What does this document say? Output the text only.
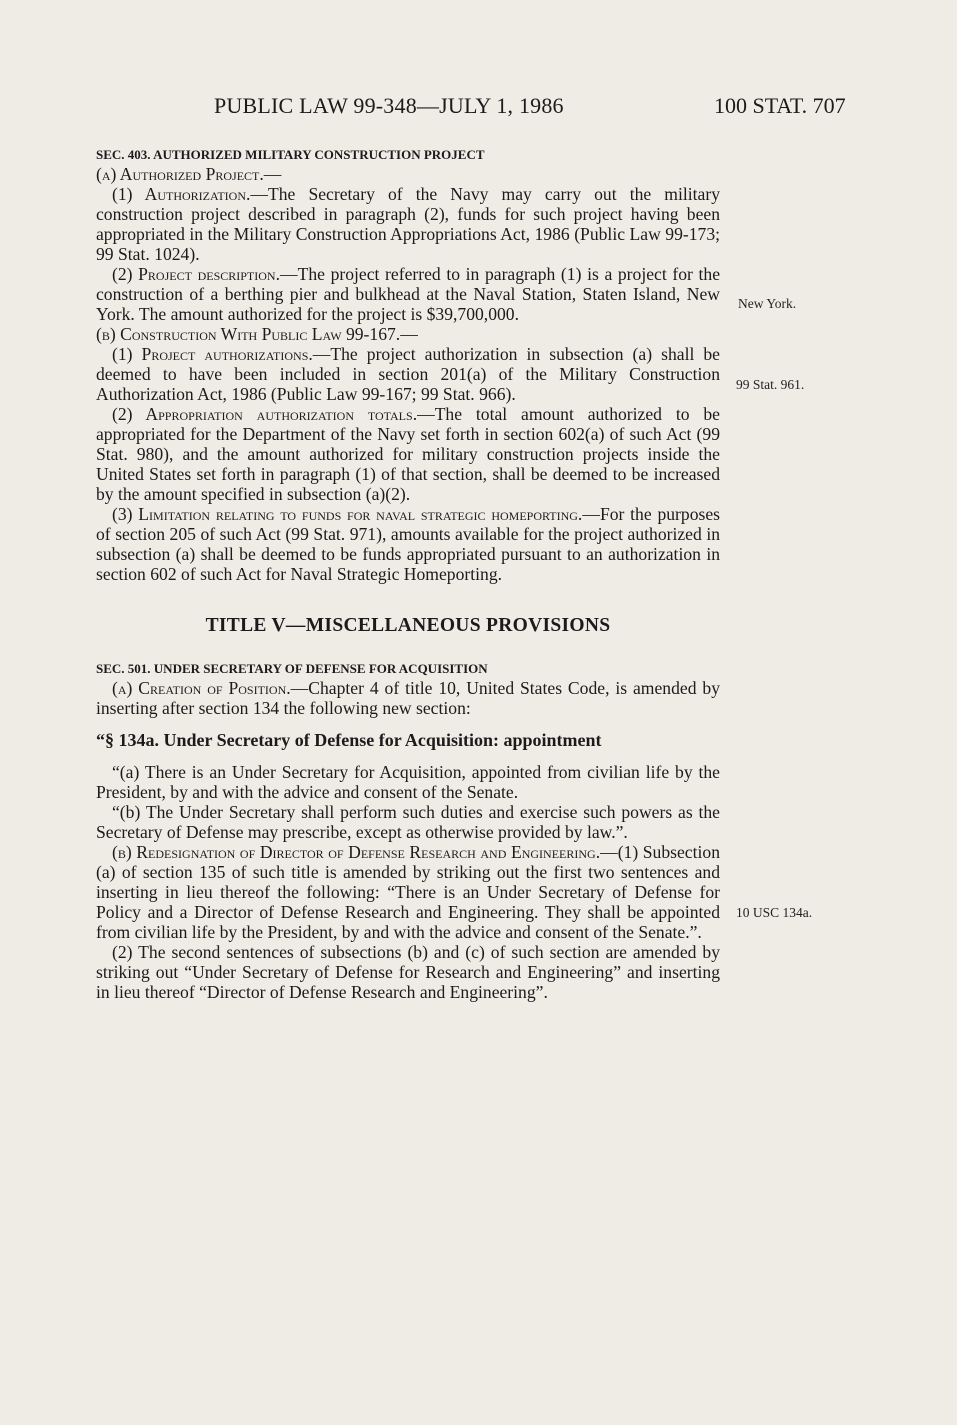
PUBLIC LAW 99-348—JULY 1, 1986	100 STAT. 707

SEC. 403. AUTHORIZED MILITARY CONSTRUCTION PROJECT

(a) Authorized Project.—

(1) Authorization.—The Secretary of the Navy may carry out the military construction project described in paragraph (2), funds for such project having been appropriated in the Military Construction Appropriations Act, 1986 (Public Law 99-173; 99 Stat. 1024).

(2) Project description.—The project referred to in paragraph (1) is a project for the construction of a berthing pier and bulkhead at the Naval Station, Staten Island, New York. The amount authorized for the project is $39,700,000.

(b) Construction With Public Law 99-167.—

(1) Project authorizations.—The project authorization in subsection (a) shall be deemed to have been included in section 201(a) of the Military Construction Authorization Act, 1986 (Public Law 99-167; 99 Stat. 966).

(2) Appropriation authorization totals.—The total amount authorized to be appropriated for the Department of the Navy set forth in section 602(a) of such Act (99 Stat. 980), and the amount authorized for military construction projects inside the United States set forth in paragraph (1) of that section, shall be deemed to be increased by the amount specified in subsection (a)(2).

(3) Limitation relating to funds for naval strategic homeporting.—For the purposes of section 205 of such Act (99 Stat. 971), amounts available for the project authorized in subsection (a) shall be deemed to be funds appropriated pursuant to an authorization in section 602 of such Act for Naval Strategic Homeporting.

TITLE V—MISCELLANEOUS PROVISIONS

SEC. 501. UNDER SECRETARY OF DEFENSE FOR ACQUISITION

(a) Creation of Position.—Chapter 4 of title 10, United States Code, is amended by inserting after section 134 the following new section:

“§ 134a. Under Secretary of Defense for Acquisition: appointment

“(a) There is an Under Secretary for Acquisition, appointed from civilian life by the President, by and with the advice and consent of the Senate.

“(b) The Under Secretary shall perform such duties and exercise such powers as the Secretary of Defense may prescribe, except as otherwise provided by law.”.

(b) Redesignation of Director of Defense Research and Engineering.—(1) Subsection (a) of section 135 of such title is amended by striking out the first two sentences and inserting in lieu thereof the following: “There is an Under Secretary of Defense for Policy and a Director of Defense Research and Engineering. They shall be appointed from civilian life by the President, by and with the advice and consent of the Senate.”.

(2) The second sentences of subsections (b) and (c) of such section are amended by striking out “Under Secretary of Defense for Research and Engineering” and inserting in lieu thereof “Director of Defense Research and Engineering”.

New York.
99 Stat. 961.
10 USC 134a.
